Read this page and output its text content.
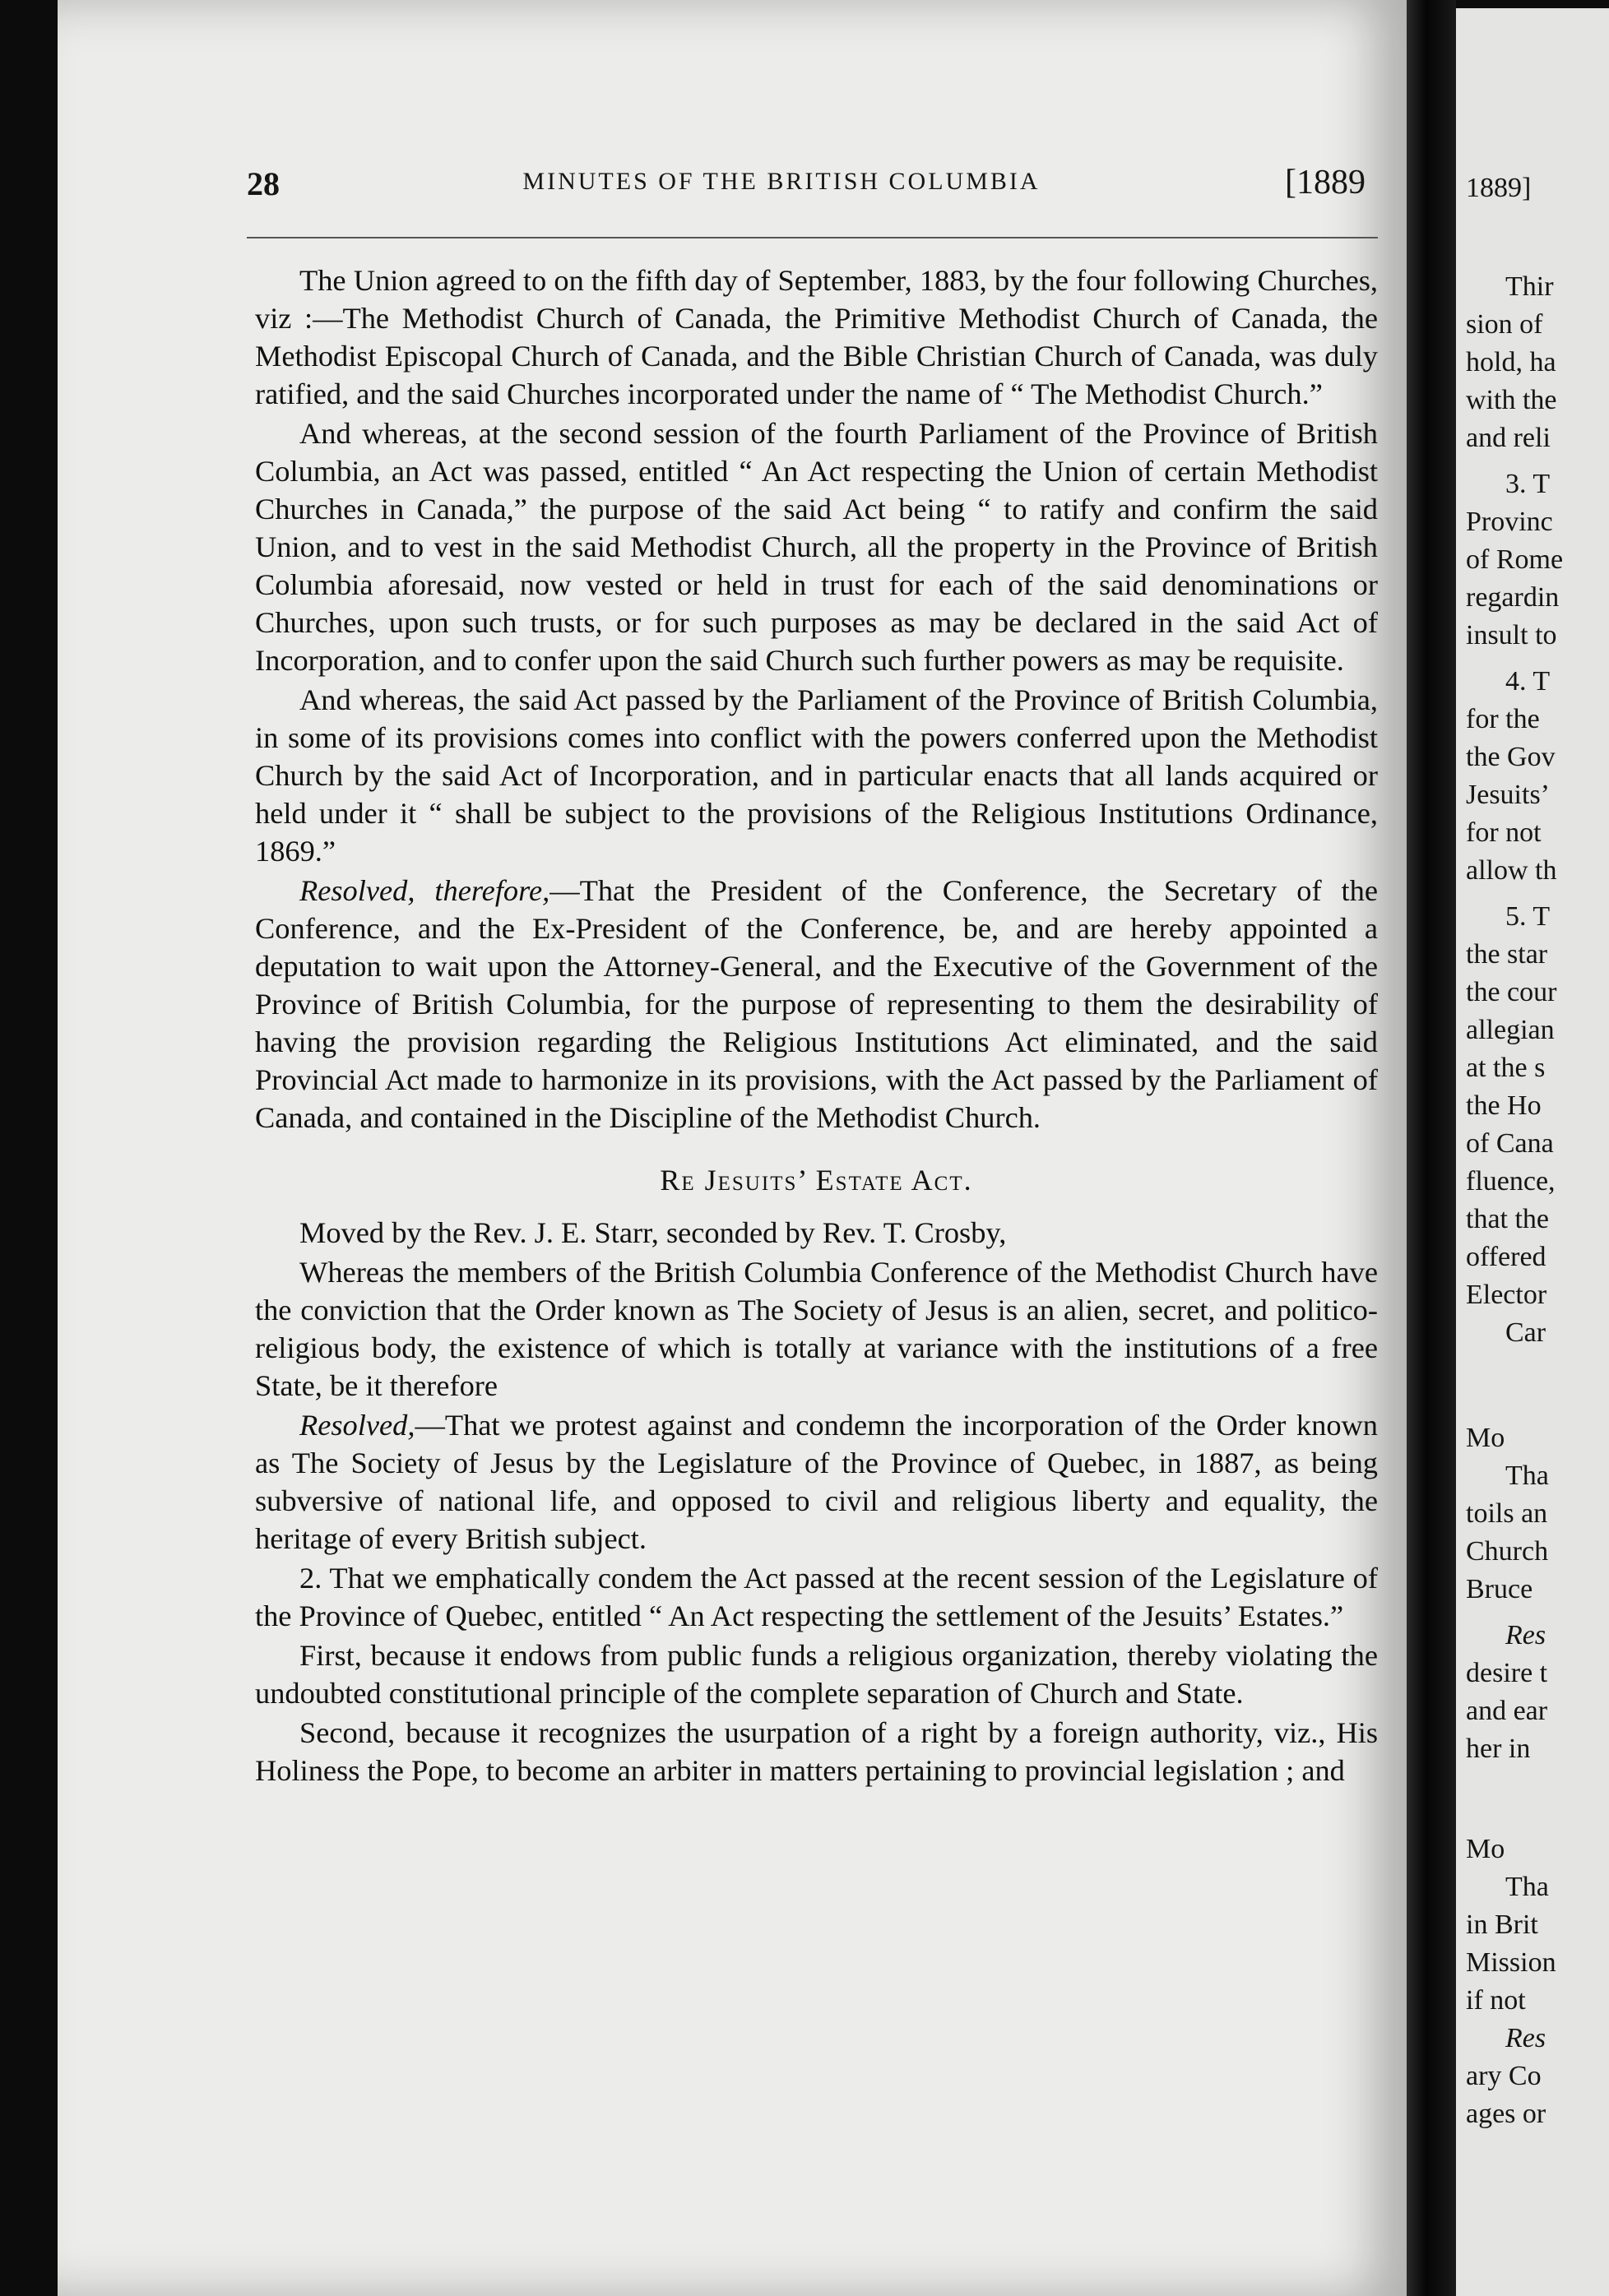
28	MINUTES OF THE BRITISH COLUMBIA	[1889

The Union agreed to on the fifth day of September, 1883, by the four following Churches, viz :—The Methodist Church of Canada, the Primitive Methodist Church of Canada, the Methodist Episcopal Church of Canada, and the Bible Christian Church of Canada, was duly ratified, and the said Churches incorporated under the name of “ The Methodist Church.”

And whereas, at the second session of the fourth Parliament of the Province of British Columbia, an Act was passed, entitled “ An Act respecting the Union of certain Methodist Churches in Canada,” the purpose of the said Act being “ to ratify and confirm the said Union, and to vest in the said Methodist Church, all the property in the Province of British Columbia aforesaid, now vested or held in trust for each of the said denominations or Churches, upon such trusts, or for such purposes as may be declared in the said Act of Incorporation, and to confer upon the said Church such further powers as may be requisite.

And whereas, the said Act passed by the Parliament of the Province of British Columbia, in some of its provisions comes into conflict with the powers conferred upon the Methodist Church by the said Act of Incorporation, and in particular enacts that all lands acquired or held under it “ shall be subject to the provisions of the Religious Institutions Ordinance, 1869.”

Resolved, therefore,—That the President of the Conference, the Secretary of the Conference, and the Ex-President of the Conference, be, and are hereby appointed a deputation to wait upon the Attorney-General, and the Executive of the Government of the Province of British Columbia, for the purpose of representing to them the desirability of having the provision regarding the Religious Institutions Act eliminated, and the said Provincial Act made to harmonize in its provisions, with the Act passed by the Parliament of Canada, and contained in the Discipline of the Methodist Church.

Re Jesuits’ Estate Act.

Moved by the Rev. J. E. Starr, seconded by Rev. T. Crosby,

Whereas the members of the British Columbia Conference of the Methodist Church have the conviction that the Order known as The Society of Jesus is an alien, secret, and politico-religious body, the existence of which is totally at variance with the institutions of a free State, be it therefore

Resolved,—That we protest against and condemn the incorporation of the Order known as The Society of Jesus by the Legislature of the Province of Quebec, in 1887, as being subversive of national life, and opposed to civil and religious liberty and equality, the heritage of every British subject.

2. That we emphatically condem the Act passed at the recent session of the Legislature of the Province of Quebec, entitled “ An Act respecting the settlement of the Jesuits’ Estates.”

First, because it endows from public funds a religious organization, thereby violating the undoubted constitutional principle of the complete separation of Church and State.

Second, because it recognizes the usurpation of a right by a foreign authority, viz., His Holiness the Pope, to become an arbiter in matters pertaining to provincial legislation ; and

1889]
Thir
sion of
hold, ha
with the
and reli
3. T
Provinc
of Rome
regardin
insult to
4. T
for the
the Gov
Jesuits’
for not
allow th
5. T
the star
the cour
allegian
at the s
the Ho
of Cana
fluence,
that the
offered
Elector
Car
Mo
Tha
toils an
Church
Bruce
Res
desire t
and ear
her in
Mo
Tha
in Brit
Mission
if not
Res
ary Co
ages or
